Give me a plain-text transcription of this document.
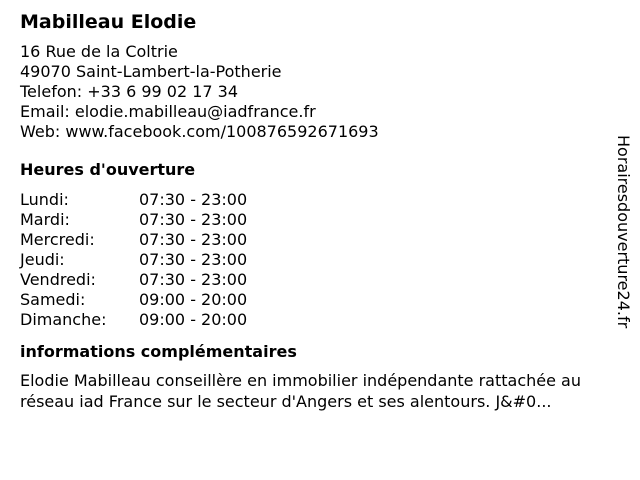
Mabilleau Elodie
16 Rue de la Coltrie
49070 Saint-Lambert-la-Potherie
Telefon: +33 6 99 02 17 34
Email: elodie.mabilleau@iadfrance.fr
Web: www.facebook.com/100876592671693
Heures d'ouverture
Lundi:	07:30 - 23:00
Mardi:	07:30 - 23:00
Mercredi:	07:30 - 23:00
Jeudi:	07:30 - 23:00
Vendredi:	07:30 - 23:00
Samedi:	09:00 - 20:00
Dimanche:	09:00 - 20:00
informations complémentaires
Elodie Mabilleau conseillère en immobilier indépendante rattachée au réseau iad France sur le secteur d'Angers et ses alentours. J&#0...
Horairesdouverture24.fr
